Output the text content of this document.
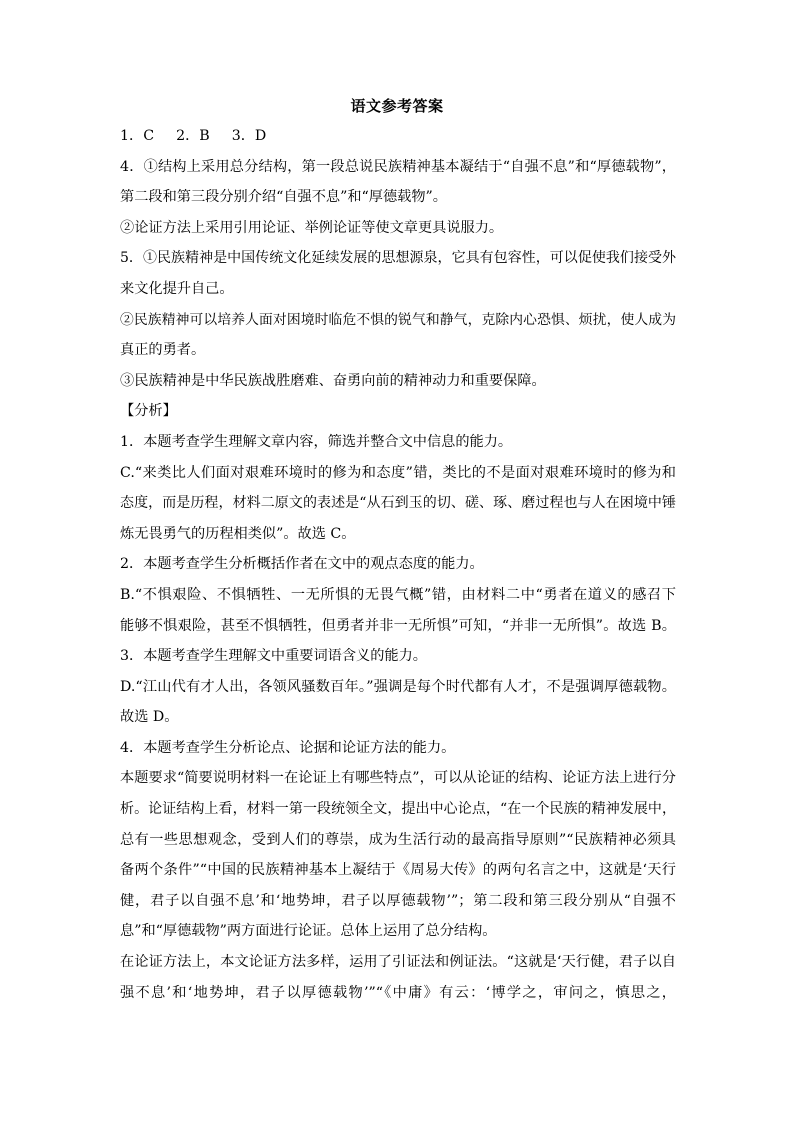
语文参考答案
1．C 2．B 3．D
4．①结构上采用总分结构，第一段总说民族精神基本凝结于“自强不息”和“厚德载物”，
第二段和第三段分别介绍“自强不息”和“厚德载物”。
②论证方法上采用引用论证、举例论证等使文章更具说服力。
5．①民族精神是中国传统文化延续发展的思想源泉，它具有包容性，可以促使我们接受外
来文化提升自己。
②民族精神可以培养人面对困境时临危不惧的锐气和静气，克除内心恐惧、烦扰，使人成为
真正的勇者。
③民族精神是中华民族战胜磨难、奋勇向前的精神动力和重要保障。
【分析】
1．本题考查学生理解文章内容，筛选并整合文中信息的能力。
C.“来类比人们面对艰难环境时的修为和态度”错，类比的不是面对艰难环境时的修为和
态度，而是历程，材料二原文的表述是“从石到玉的切、磋、琢、磨过程也与人在困境中锤
炼无畏勇气的历程相类似”。故选 C。
2．本题考查学生分析概括作者在文中的观点态度的能力。
B.“不惧艰险、不惧牺牲、一无所惧的无畏气概”错，由材料二中“勇者在道义的感召下
能够不惧艰险，甚至不惧牺牲，但勇者并非一无所惧”可知，“并非一无所惧”。故选 B。
3．本题考查学生理解文中重要词语含义的能力。
D.“江山代有才人出，各领风骚数百年。”强调是每个时代都有人才，不是强调厚德载物。
故选 D。
4．本题考查学生分析论点、论据和论证方法的能力。
本题要求“简要说明材料一在论证上有哪些特点”，可以从论证的结构、论证方法上进行分
析。论证结构上看，材料一第一段统领全文，提出中心论点，“在一个民族的精神发展中，
总有一些思想观念，受到人们的尊崇，成为生活行动的最高指导原则”“民族精神必须具
备两个条件”“中国的民族精神基本上凝结于《周易大传》的两句名言之中，这就是‘天行
健，君子以自强不息’和‘地势坤，君子以厚德载物’”；第二段和第三段分别从“自强不
息”和“厚德载物”两方面进行论证。总体上运用了总分结构。
在论证方法上，本文论证方法多样，运用了引证法和例证法。“这就是‘天行健，君子以自
强不息’和‘地势坤，君子以厚德载物’”“《中庸》有云：‘博学之，审问之，慎思之，
